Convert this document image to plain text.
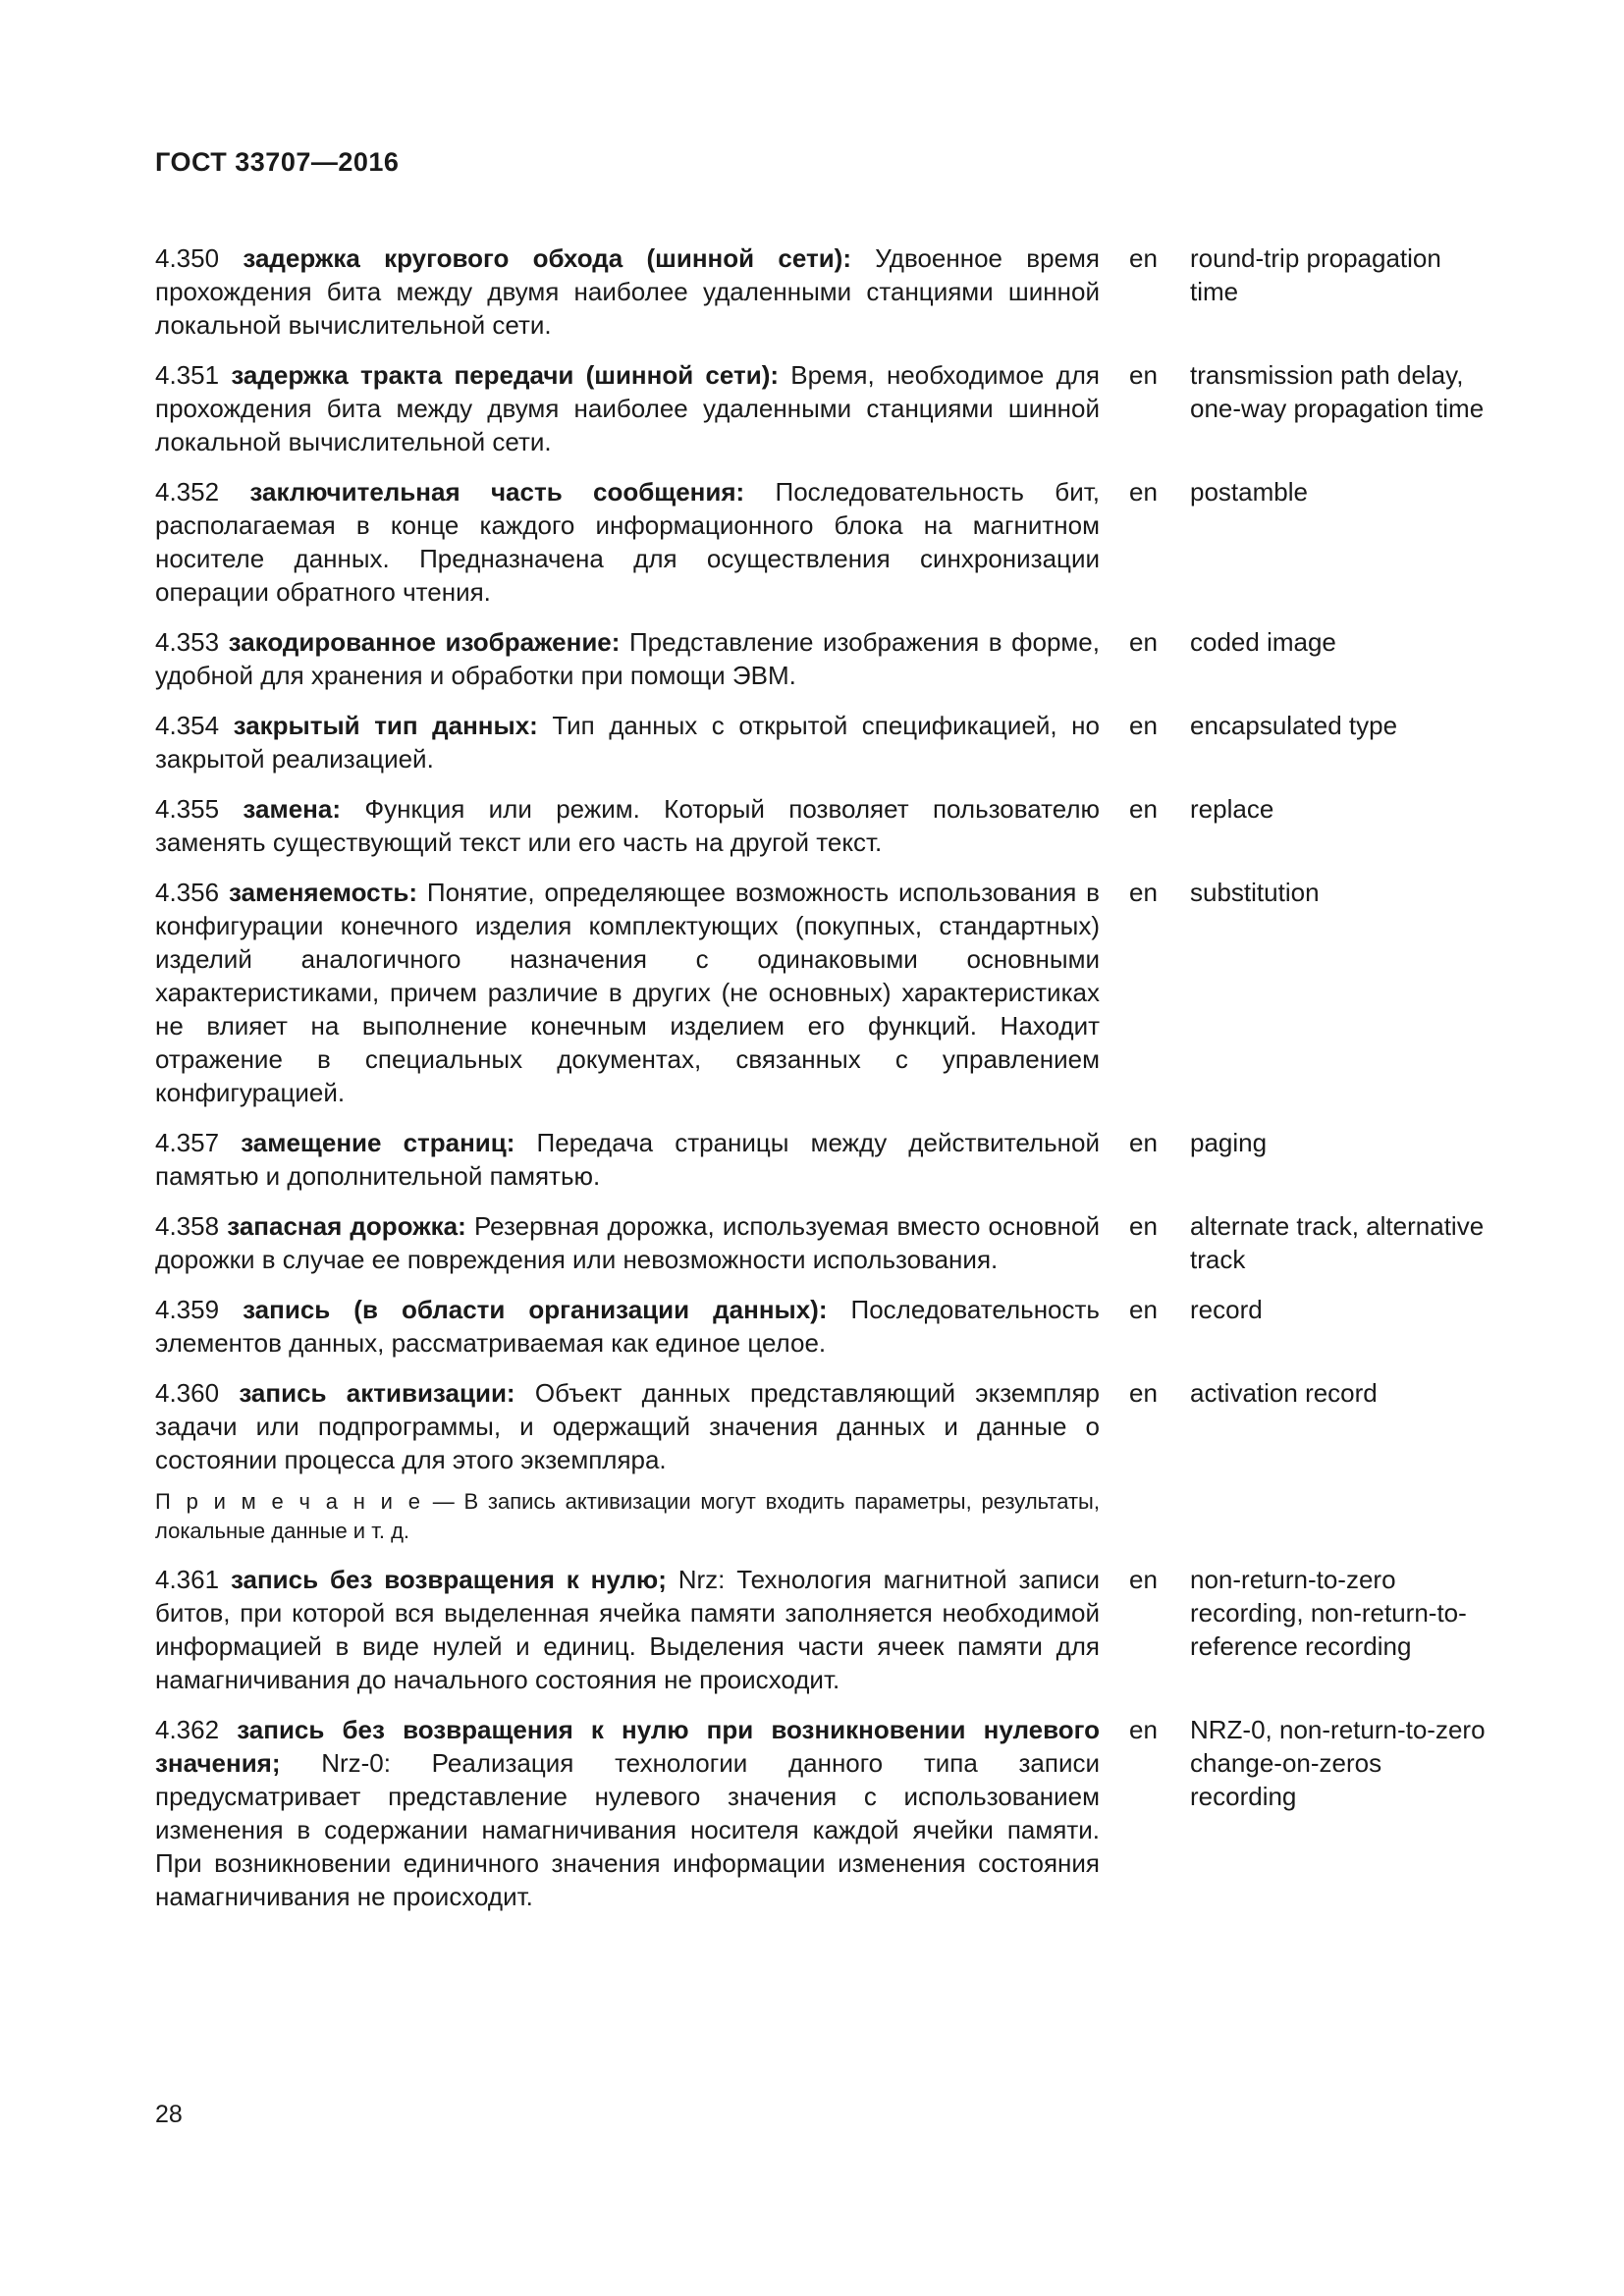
ГОСТ 33707—2016
4.350 задержка кругового обхода (шинной сети): Удвоенное время прохождения бита между двумя наиболее удаленными станциями шинной локальной вычислительной сети.
en	round-trip propagation time
4.351 задержка тракта передачи (шинной сети): Время, необходимое для прохождения бита между двумя наиболее удаленными станциями шинной локальной вычислительной сети.
en	transmission path delay, one-way propagation time
4.352 заключительная часть сообщения: Последовательность бит, располагаемая в конце каждого информационного блока на магнитном носителе данных. Предназначена для осуществления синхронизации операции обратного чтения.
en	postamble
4.353 закодированное изображение: Представление изображения в форме, удобной для хранения и обработки при помощи ЭВМ.
en	coded image
4.354 закрытый тип данных: Тип данных с открытой спецификацией, но закрытой реализацией.
en	encapsulated type
4.355 замена: Функция или режим. Который позволяет пользователю заменять существующий текст или его часть на другой текст.
en	replace
4.356 заменяемость: Понятие, определяющее возможность использования в конфигурации конечного изделия комплектующих (покупных, стандартных) изделий аналогичного назначения с одинаковыми основными характеристиками, причем различие в других (не основных) характеристиках не влияет на выполнение конечным изделием его функций. Находит отражение в специальных документах, связанных с управлением конфигурацией.
en	substitution
4.357 замещение страниц: Передача страницы между действительной памятью и дополнительной памятью.
en	paging
4.358 запасная дорожка: Резервная дорожка, используемая вместо основной дорожки в случае ее повреждения или невозможности использования.
en	alternate track, alternative track
4.359 запись (в области организации данных): Последовательность элементов данных, рассматриваемая как единое целое.
en	record
4.360 запись активизации: Объект данных представляющий экземпляр задачи или подпрограммы, и одержащий значения данных и данные о состоянии процесса для этого экземпляра.
en	activation record
П р и м е ч а н и е — В запись активизации могут входить параметры, результаты, локальные данные и т. д.
4.361 запись без возвращения к нулю; Nrz: Технология магнитной записи битов, при которой вся выделенная ячейка памяти заполняется необходимой информацией в виде нулей и единиц. Выделения части ячеек памяти для намагничивания до начального состояния не происходит.
en	non-return-to-zero recording, non-return-to-reference recording
4.362 запись без возвращения к нулю при возникновении нулевого значения; Nrz-0: Реализация технологии данного типа записи предусматривает представление нулевого значения с использованием изменения в содержании намагничивания носителя каждой ячейки памяти. При возникновении единичного значения информации изменения состояния намагничивания не происходит.
en	NRZ-0, non-return-to-zero change-on-zeros recording
28
